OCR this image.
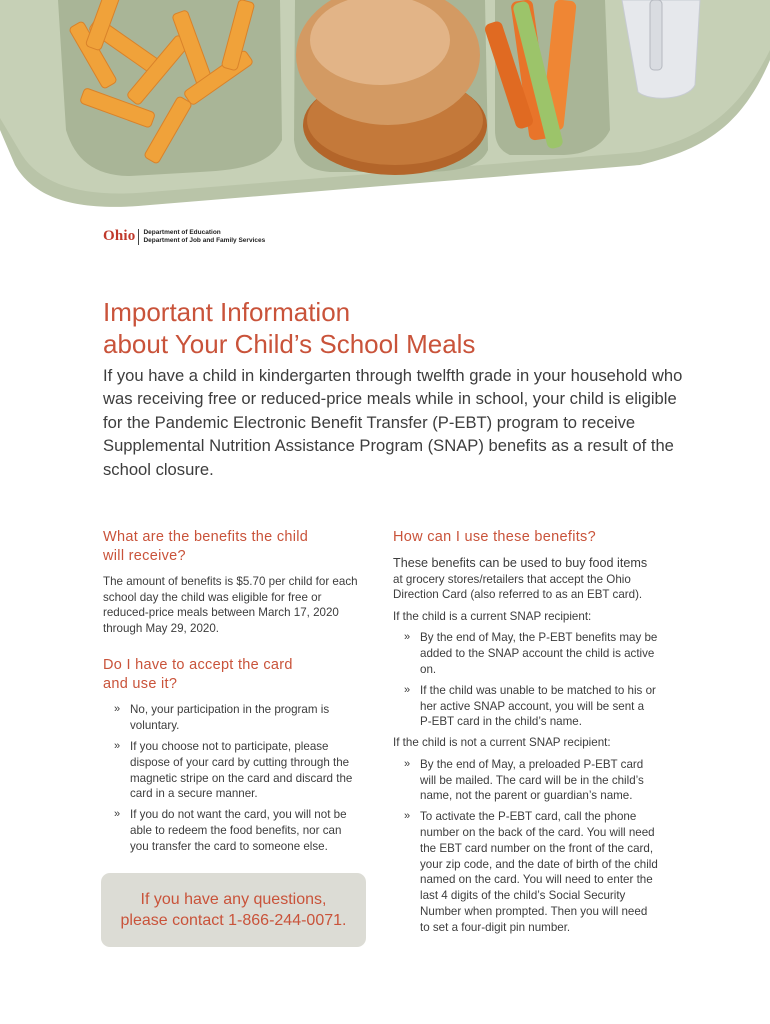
Ohio Department of Education
Department of Job and Family Services
Important Information
about Your Child’s School Meals

If you have a child in kindergarten through twelfth grade in your household who was receiving free or reduced-price meals while in school, your child is eligible for the Pandemic Electronic Benefit Transfer (P-EBT) program to receive Supplemental Nutrition Assistance Program (SNAP) benefits as a result of the school closure.

What are the benefits the child
will receive?

The amount of benefits is $5.70 per child for each school day the child was eligible for free or reduced-price meals between March 17, 2020 through May 29, 2020.

Do I have to accept the card
and use it?
» No, your participation in the program is voluntary.
» If you choose not to participate, please dispose of your card by cutting through the magnetic stripe on the card and discard the card in a secure manner.
» If you do not want the card, you will not be able to redeem the food benefits, nor can you transfer the card to someone else.
If you have any questions,
please contact 1-866-244-0071.
How can I use these benefits?

These benefits can be used to buy food items at grocery stores/retailers that accept the Ohio Direction Card (also referred to as an EBT card).

If the child is a current SNAP recipient:

» By the end of May, the P-EBT benefits may be added to the SNAP account the child is active on.
» If the child was unable to be matched to his or her active SNAP account, you will be sent a P-EBT card in the child’s name.

If the child is not a current SNAP recipient:

» By the end of May, a preloaded P-EBT card will be mailed. The card will be in the child’s name, not the parent or guardian’s name.
» To activate the P-EBT card, call the phone number on the back of the card. You will need the EBT card number on the front of the card, your zip code, and the date of birth of the child named on the card. You will need to enter the last 4 digits of the child’s Social Security Number when prompted. Then you will need to set a four-digit pin number.
